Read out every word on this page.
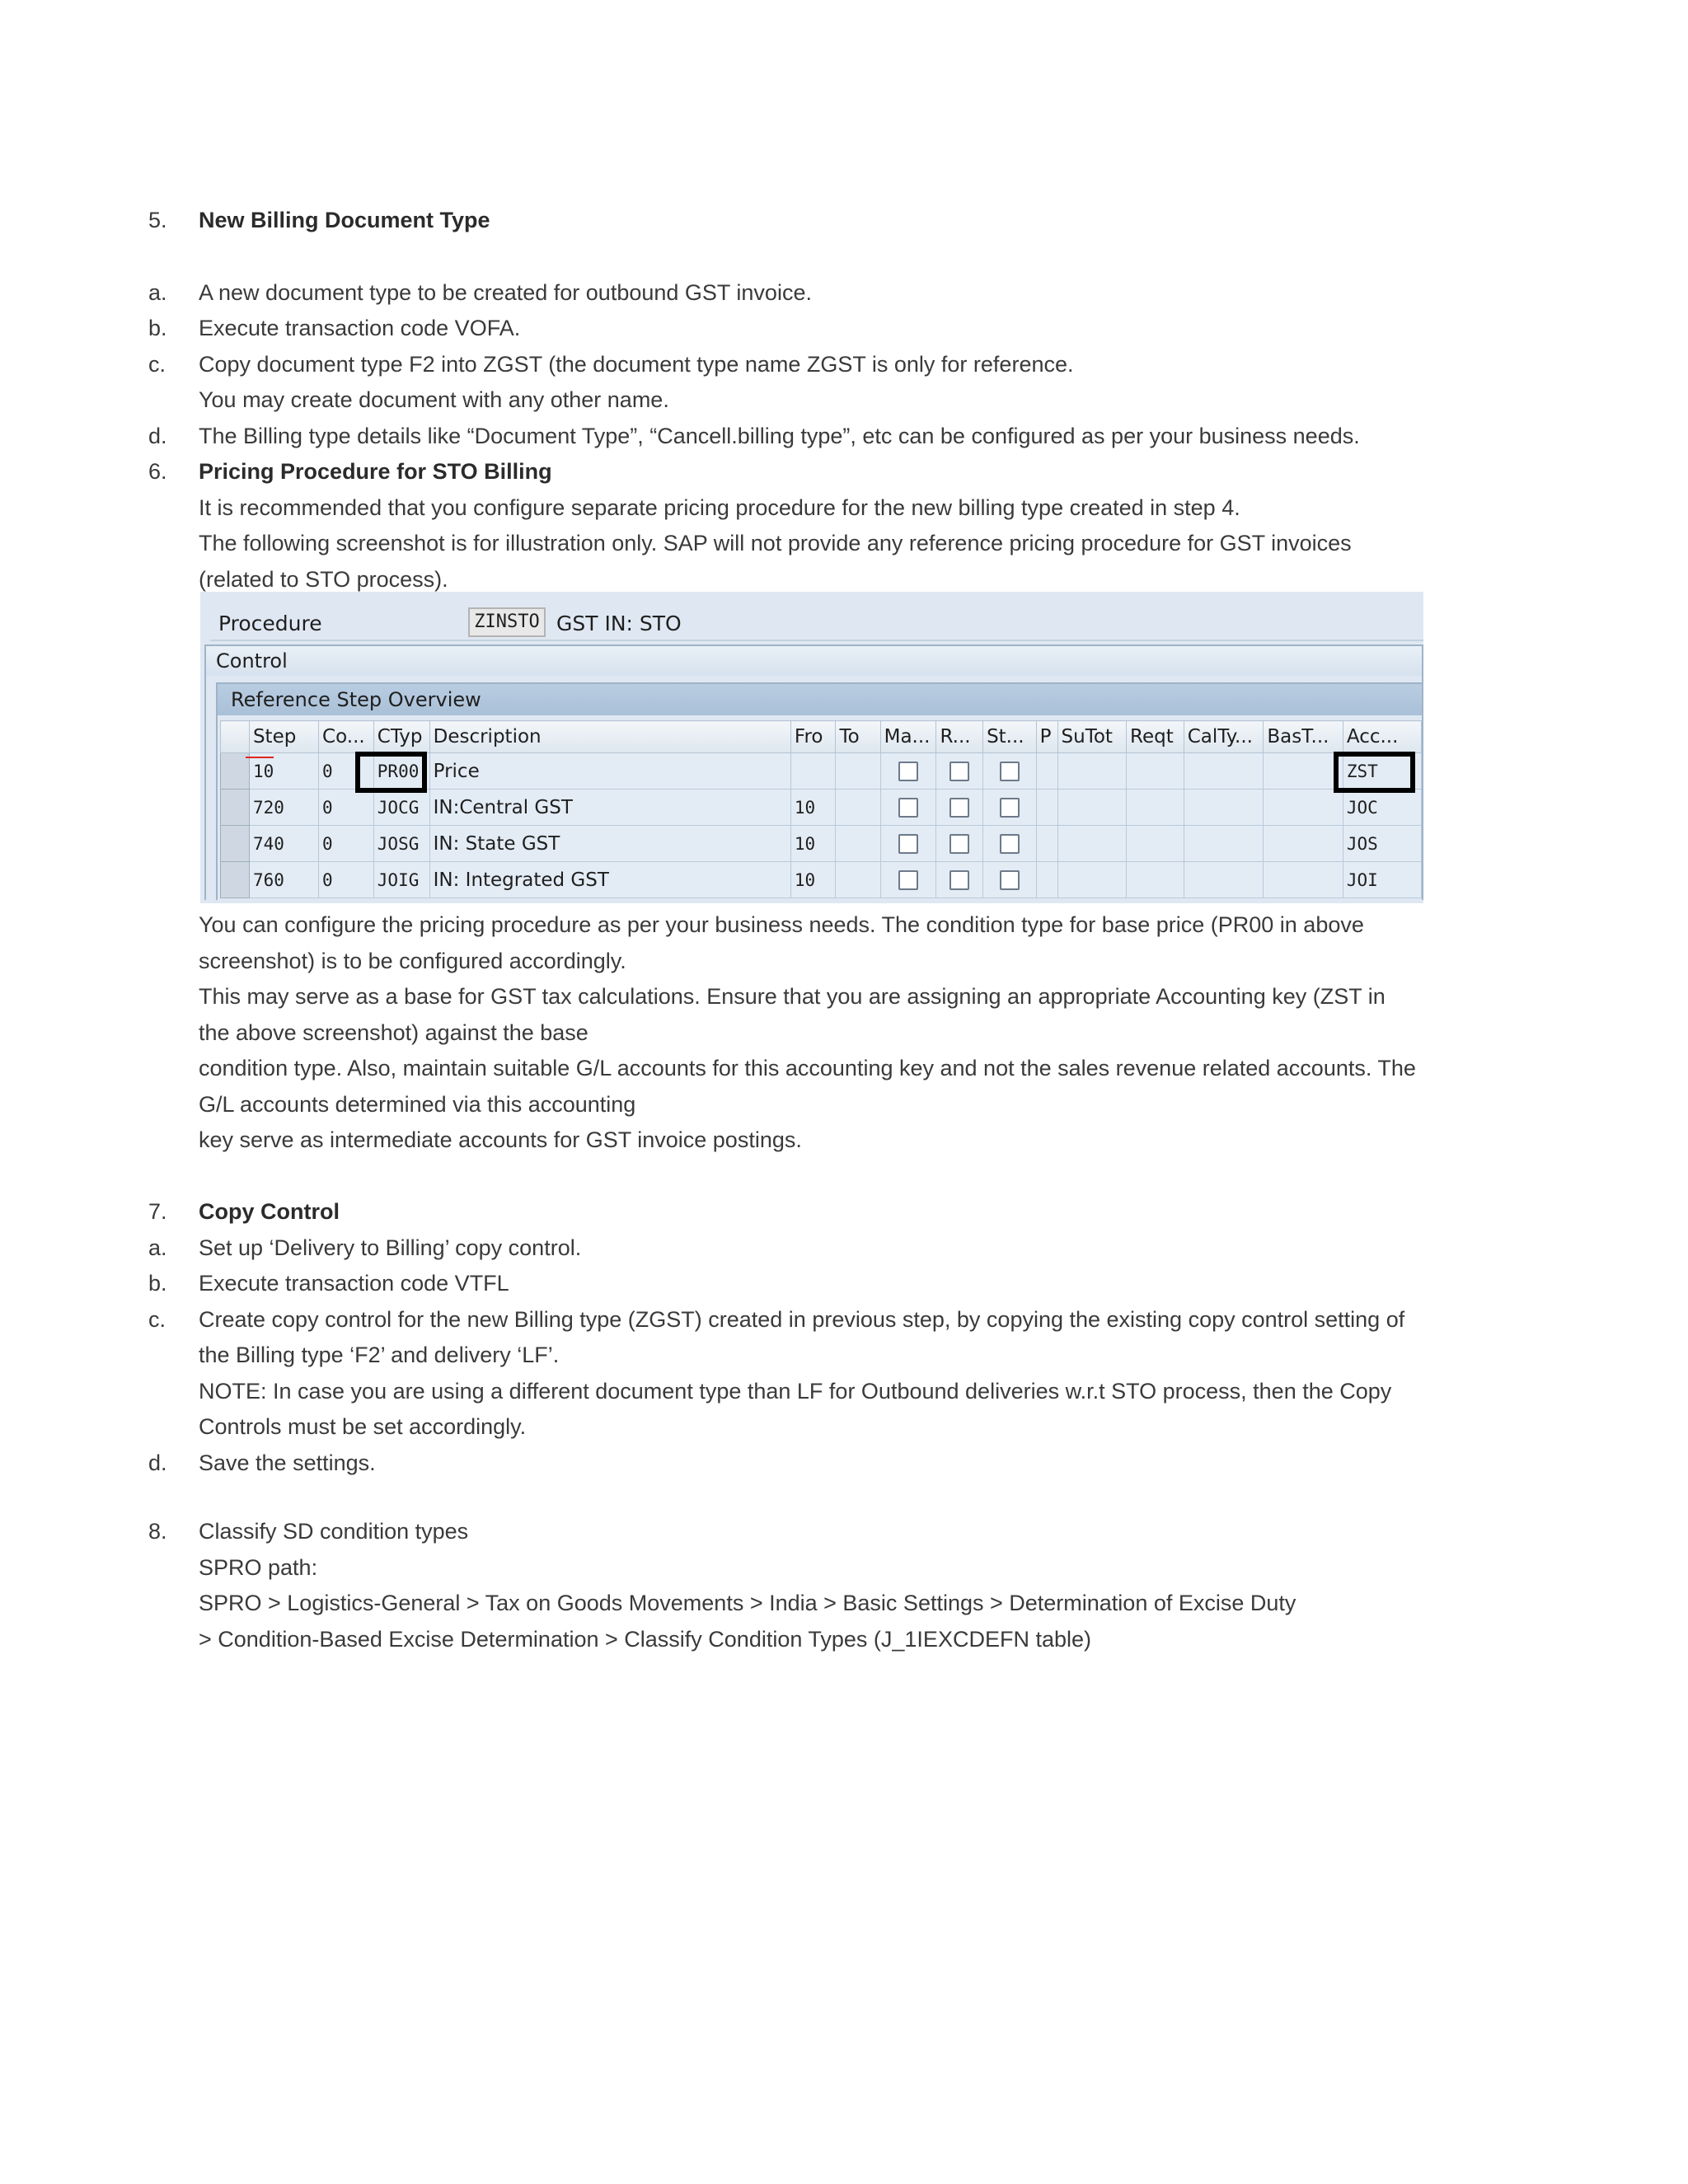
5. New Billing Document Type
a. A new document type to be created for outbound GST invoice.
b. Execute transaction code VOFA.
c. Copy document type F2 into ZGST (the document type name ZGST is only for reference.
You may create document with any other name.
d. The Billing type details like “Document Type”, “Cancell.billing type”, etc can be configured as per your business needs.
6. Pricing Procedure for STO Billing
It is recommended that you configure separate pricing procedure for the new billing type created in step 4.
The following screenshot is for illustration only. SAP will not provide any reference pricing procedure for GST invoices
(related to STO process).
Procedure	ZINSTO GST IN: STO
Control
Reference Step Overview
	Step	Co...	CTyp	Description	Fro	To	Ma...	R...	St...	P	SuTot	Reqt	CalTy...	BasT...	Acc...
	10	0	PR00	Price											ZST
	720	0	JOCG	IN:Central GST	10										JOC
	740	0	JOSG	IN: State GST	10										JOS
	760	0	JOIG	IN: Integrated GST	10										JOI
You can configure the pricing procedure as per your business needs. The condition type for base price (PR00 in above
screenshot) is to be configured accordingly.
This may serve as a base for GST tax calculations. Ensure that you are assigning an appropriate Accounting key (ZST in
the above screenshot) against the base
condition type. Also, maintain suitable G/L accounts for this accounting key and not the sales revenue related accounts. The
G/L accounts determined via this accounting
key serve as intermediate accounts for GST invoice postings.
7. Copy Control
a. Set up ‘Delivery to Billing’ copy control.
b. Execute transaction code VTFL
c. Create copy control for the new Billing type (ZGST) created in previous step, by copying the existing copy control setting of
the Billing type ‘F2’ and delivery ‘LF’.
NOTE: In case you are using a different document type than LF for Outbound deliveries w.r.t STO process, then the Copy
Controls must be set accordingly.
d. Save the settings.
8. Classify SD condition types
SPRO path:
SPRO > Logistics-General > Tax on Goods Movements > India > Basic Settings > Determination of Excise Duty
> Condition-Based Excise Determination > Classify Condition Types (J_1IEXCDEFN table)
